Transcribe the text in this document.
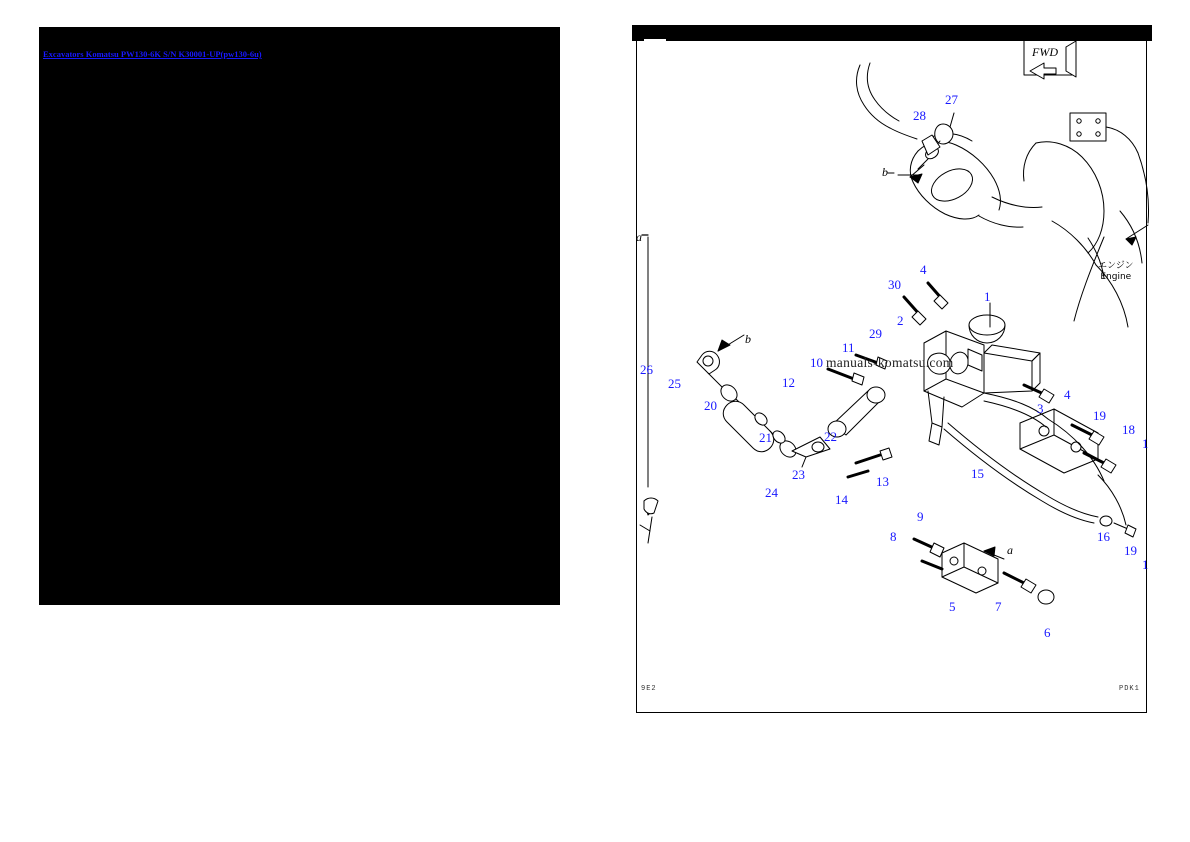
Excavators Komatsu PW130-6K S/N K30001-UP(pw130-6u)
manuals-komatsu.com
エンジン
Engine
FWD
9E2	PDK1
27
28
30
4
1
29
2
11
10
26
25
20
12
4
3	19
18
1
21	22
23
24
13
14
15
16
19
1
9
8
5	7
6
a
b
b
a
